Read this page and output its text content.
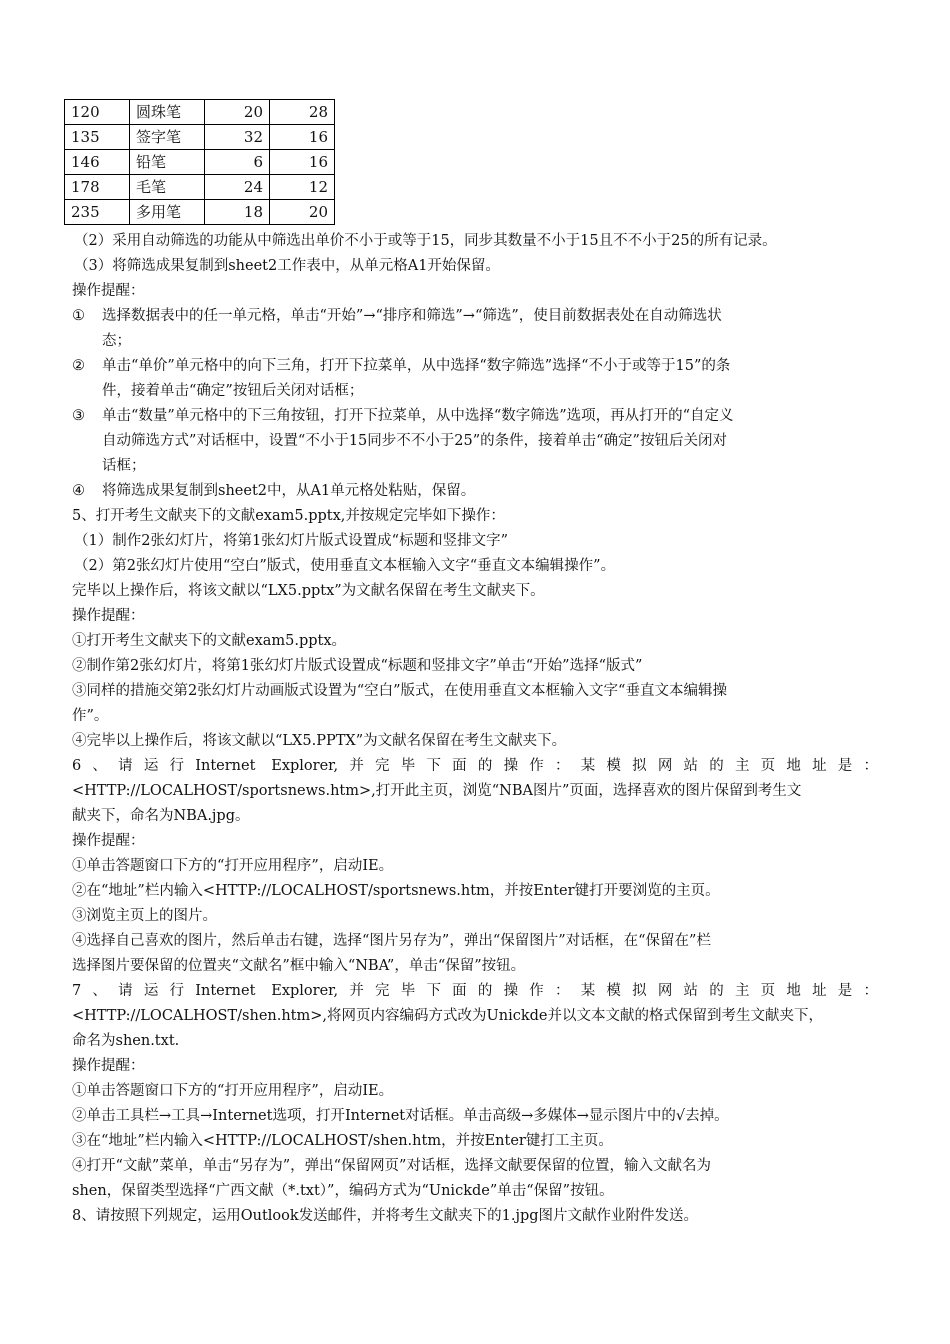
120	圆珠笔	20	28
135	签字笔	32	16
146	铅笔	6	16
178	毛笔	24	12
235	多用笔	18	20
（2）采用自动筛选的功能从中筛选出单价不小于或等于15，同步其数量不小于15且不不小于25的所有记录。
（3）将筛选成果复制到sheet2工作表中，从单元格A1开始保留。
操作提醒：
① 选择数据表中的任一单元格，单击“开始”→“排序和筛选”→“筛选”，使目前数据表处在自动筛选状
态；
② 单击“单价”单元格中的向下三角，打开下拉菜单，从中选择“数字筛选”选择“不小于或等于15”的条
件，接着单击“确定”按钮后关闭对话框；
③ 单击“数量”单元格中的下三角按钮，打开下拉菜单，从中选择“数字筛选”选项，再从打开的“自定义
自动筛选方式”对话框中，设置“不小于15同步不不小于25”的条件，接着单击“确定”按钮后关闭对
话框；
④ 将筛选成果复制到sheet2中，从A1单元格处粘贴，保留。
5、打开考生文献夹下的文献exam5.pptx,并按规定完毕如下操作：
（1）制作2张幻灯片，将第1张幻灯片版式设置成“标题和竖排文字”
（2）第2张幻灯片使用“空白”版式，使用垂直文本框输入文字“垂直文本编辑操作”。
完毕以上操作后，将该文献以“LX5.pptx”为文献名保留在考生文献夹下。
操作提醒：
①打开考生文献夹下的文献exam5.pptx。
②制作第2张幻灯片，将第1张幻灯片版式设置成“标题和竖排文字”单击“开始”选择“版式”
③同样的措施交第2张幻灯片动画版式设置为“空白”版式，在使用垂直文本框输入文字“垂直文本编辑操
作”。
④完毕以上操作后，将该文献以“LX5.PPTX”为文献名保留在考生文献夹下。
6、请运行Internet Explorer,并完毕下面的操作：某模拟网站的主页地址是：
<HTTP://LOCALHOST/sportsnews.htm>,打开此主页，浏览“NBA图片”页面，选择喜欢的图片保留到考生文
献夹下，命名为NBA.jpg。
操作提醒：
①单击答题窗口下方的“打开应用程序”，启动IE。
②在“地址”栏内输入<HTTP://LOCALHOST/sportsnews.htm，并按Enter键打开要浏览的主页。
③浏览主页上的图片。
④选择自己喜欢的图片，然后单击右键，选择“图片另存为”，弹出“保留图片”对话框，在“保留在”栏
选择图片要保留的位置夹“文献名”框中输入“NBA”，单击“保留”按钮。
7、请运行Internet Explorer,并完毕下面的操作：某模拟网站的主页地址是：
<HTTP://LOCALHOST/shen.htm>,将网页内容编码方式改为Unickde并以文本文献的格式保留到考生文献夹下，
命名为shen.txt.
操作提醒：
①单击答题窗口下方的“打开应用程序”，启动IE。
②单击工具栏→工具→Internet选项，打开Internet对话框。单击高级→多媒体→显示图片中的√去掉。
③在“地址”栏内输入<HTTP://LOCALHOST/shen.htm，并按Enter键打工主页。
④打开“文献”菜单，单击“另存为”，弹出“保留网页”对话框，选择文献要保留的位置，输入文献名为
shen，保留类型选择“广西文献（*.txt）”，编码方式为“Unickde”单击“保留”按钮。
8、请按照下列规定，运用Outlook发送邮件，并将考生文献夹下的1.jpg图片文献作业附件发送。
